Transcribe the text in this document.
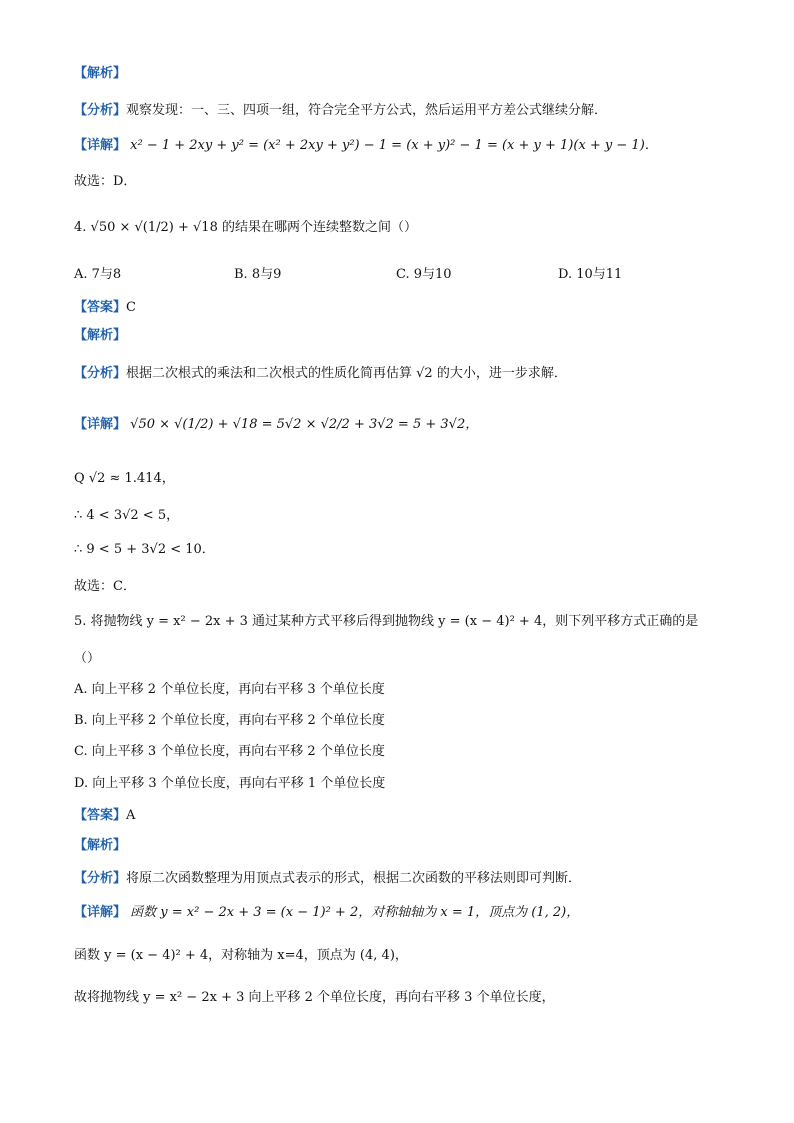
【解析】
【分析】观察发现：一、三、四项一组，符合完全平方公式，然后运用平方差公式继续分解．
【详解】 x² − 1 + 2xy + y² = (x² + 2xy + y²) − 1 = (x + y)² − 1 = (x + y + 1)(x + y − 1)．
故选：D．
4. √50 × √(1/2) + √18 的结果在哪两个连续整数之间（）
A. 7与8	B. 8与9	C. 9与10	D. 10与11
【答案】C
【解析】
【分析】根据二次根式的乘法和二次根式的性质化简再估算 √2 的大小，进一步求解．
【详解】 √50 × √(1/2) + √18 = 5√2 × √2/2 + 3√2 = 5 + 3√2，
Q √2 ≈ 1.414，
∴ 4 < 3√2 < 5，
∴ 9 < 5 + 3√2 < 10．
故选：C．
5. 将抛物线 y = x² − 2x + 3 通过某种方式平移后得到抛物线 y = (x − 4)² + 4，则下列平移方式正确的是
（）
A. 向上平移 2 个单位长度，再向右平移 3 个单位长度
B. 向上平移 2 个单位长度，再向右平移 2 个单位长度
C. 向上平移 3 个单位长度，再向右平移 2 个单位长度
D. 向上平移 3 个单位长度，再向右平移 1 个单位长度
【答案】A
【解析】
【分析】将原二次函数整理为用顶点式表示的形式，根据二次函数的平移法则即可判断．
【详解】 函数 y = x² − 2x + 3 = (x − 1)² + 2，对称轴轴为 x = 1，顶点为 (1, 2)，
函数 y = (x − 4)² + 4，对称轴为 x=4，顶点为 (4, 4)，
故将抛物线 y = x² − 2x + 3 向上平移 2 个单位长度，再向右平移 3 个单位长度，
